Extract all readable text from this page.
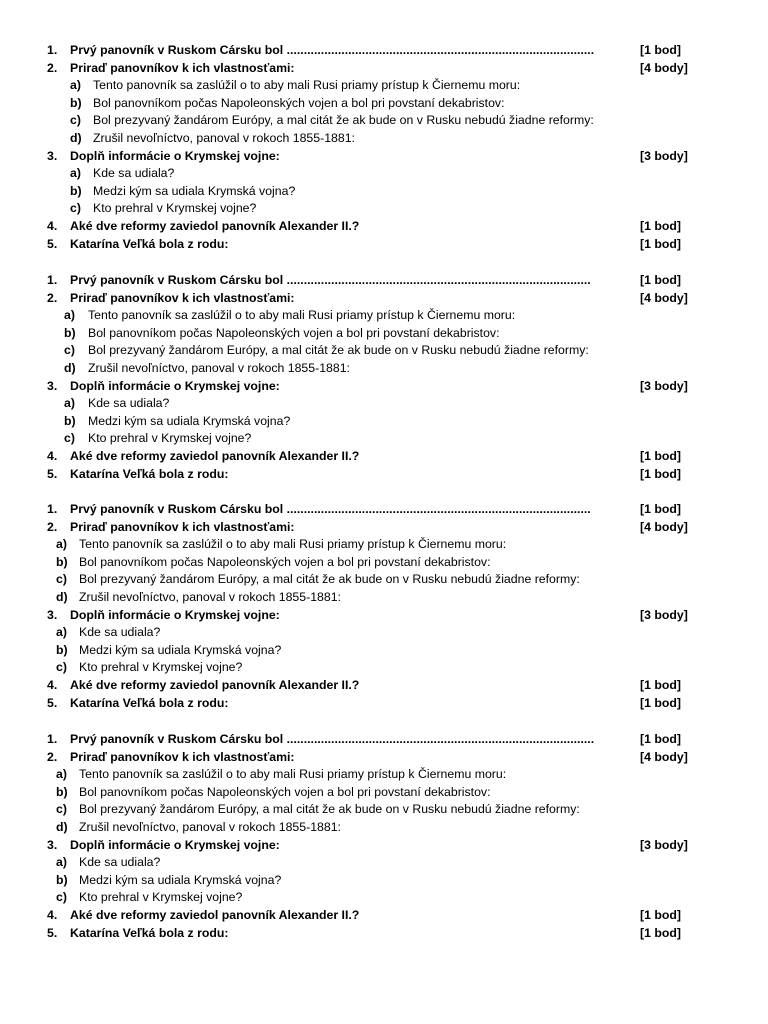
1. Prvý panovník v Ruskom Cársku bol ..........................................................................................	[1 bod]
2. Priraď panovníkov k ich vlastnosťami:	[4 body]
a) Tento panovník sa zaslúžil o to aby mali Rusi priamy prístup k Čiernemu moru:
b) Bol panovníkom počas Napoleonských vojen a bol pri povstaní dekabristov:
c) Bol prezyvaný žandárom Európy, a mal citát že ak bude on v Rusku nebudú žiadne reformy:
d) Zrušil nevoľníctvo, panoval v rokoch 1855-1881:
3. Doplň informácie o Krymskej vojne:	[3 body]
a) Kde sa udiala?
b) Medzi kým sa udiala Krymská vojna?
c) Kto prehral v Krymskej vojne?
4. Aké dve reformy zaviedol panovník Alexander II.?	[1 bod]
5. Katarína Veľká bola z rodu:	[1 bod]
1. Prvý panovník v Ruskom Cársku bol .........................................................................................	[1 bod]
2. Priraď panovníkov k ich vlastnosťami:	[4 body]
a) Tento panovník sa zaslúžil o to aby mali Rusi priamy prístup k Čiernemu moru:
b) Bol panovníkom počas Napoleonských vojen a bol pri povstaní dekabristov:
c) Bol prezyvaný žandárom Európy, a mal citát že ak bude on v Rusku nebudú žiadne reformy:
d) Zrušil nevoľníctvo, panoval v rokoch 1855-1881:
3. Doplň informácie o Krymskej vojne:	[3 body]
a) Kde sa udiala?
b) Medzi kým sa udiala Krymská vojna?
c) Kto prehral v Krymskej vojne?
4. Aké dve reformy zaviedol panovník Alexander II.?	[1 bod]
5. Katarína Veľká bola z rodu:	[1 bod]
1. Prvý panovník v Ruskom Cársku bol .........................................................................................	[1 bod]
2. Priraď panovníkov k ich vlastnosťami:	[4 body]
a) Tento panovník sa zaslúžil o to aby mali Rusi priamy prístup k Čiernemu moru:
b) Bol panovníkom počas Napoleonských vojen a bol pri povstaní dekabristov:
c) Bol prezyvaný žandárom Európy, a mal citát že ak bude on v Rusku nebudú žiadne reformy:
d) Zrušil nevoľníctvo, panoval v rokoch 1855-1881:
3. Doplň informácie o Krymskej vojne:	[3 body]
a) Kde sa udiala?
b) Medzi kým sa udiala Krymská vojna?
c) Kto prehral v Krymskej vojne?
4. Aké dve reformy zaviedol panovník Alexander II.?	[1 bod]
5. Katarína Veľká bola z rodu:	[1 bod]
1. Prvý panovník v Ruskom Cársku bol ..........................................................................................	[1 bod]
2. Priraď panovníkov k ich vlastnosťami:	[4 body]
a) Tento panovník sa zaslúžil o to aby mali Rusi priamy prístup k Čiernemu moru:
b) Bol panovníkom počas Napoleonských vojen a bol pri povstaní dekabristov:
c) Bol prezyvaný žandárom Európy, a mal citát že ak bude on v Rusku nebudú žiadne reformy:
d) Zrušil nevoľníctvo, panoval v rokoch 1855-1881:
3. Doplň informácie o Krymskej vojne:	[3 body]
a) Kde sa udiala?
b) Medzi kým sa udiala Krymská vojna?
c) Kto prehral v Krymskej vojne?
4. Aké dve reformy zaviedol panovník Alexander II.?	[1 bod]
5. Katarína Veľká bola z rodu:	[1 bod]
